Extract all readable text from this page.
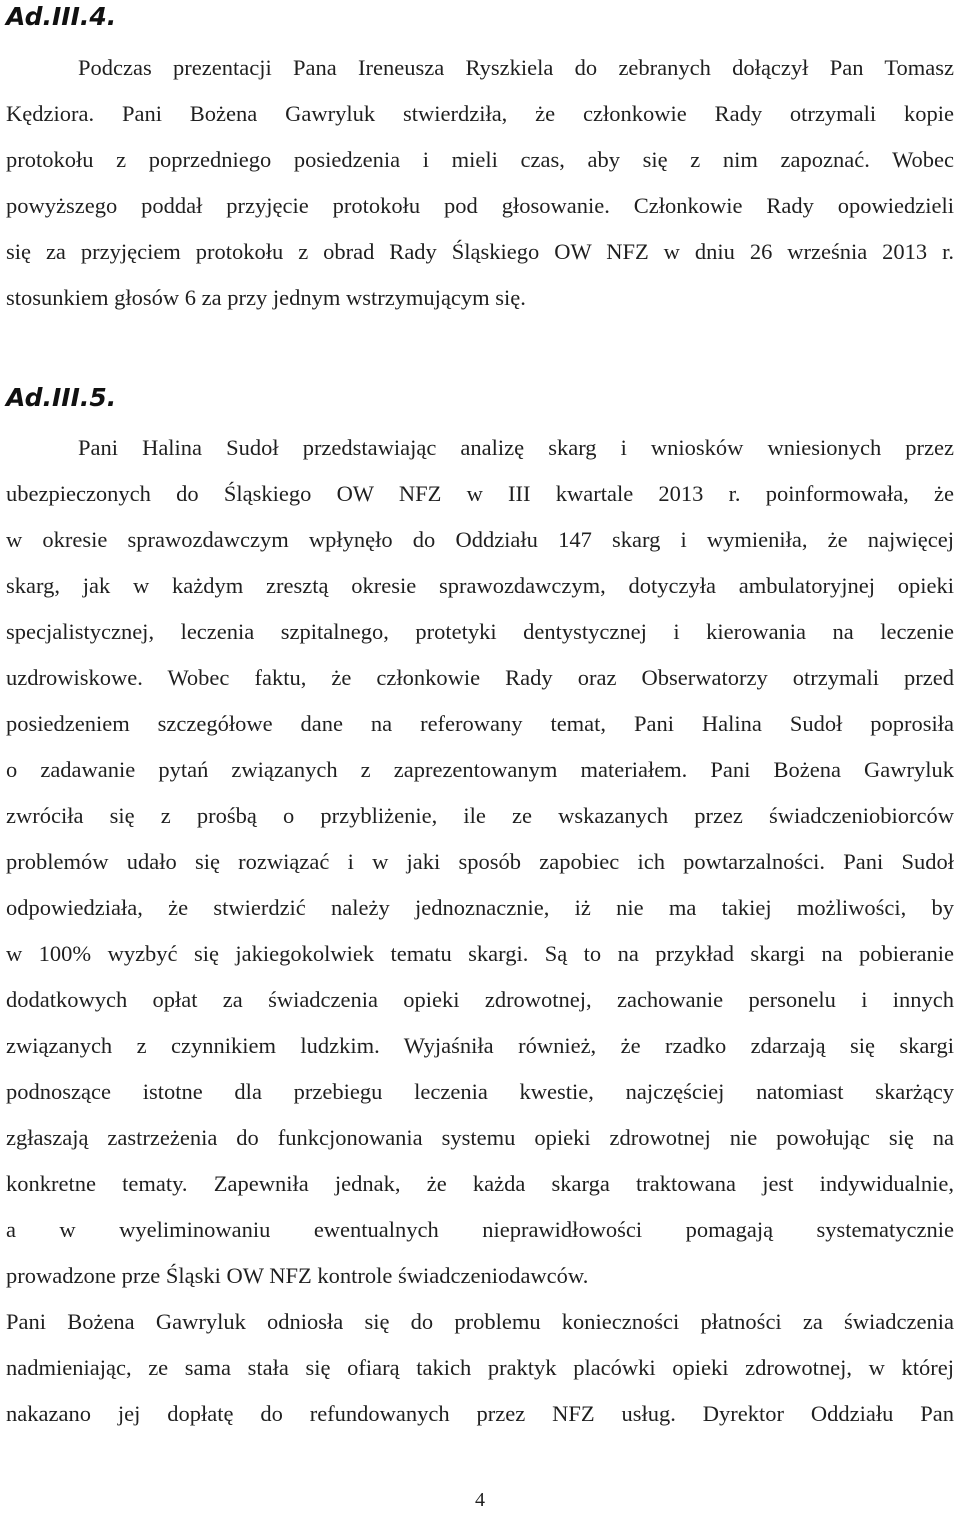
Ad.III.4.

Podczas prezentacji Pana Ireneusza Ryszkiela do zebranych dołączył Pan Tomasz

Kędziora. Pani Bożena Gawryluk stwierdziła, że członkowie Rady otrzymali kopie

protokołu z poprzedniego posiedzenia i mieli czas, aby się z nim zapoznać. Wobec

powyższego poddał przyjęcie protokołu pod głosowanie. Członkowie Rady opowiedzieli

się za przyjęciem protokołu z obrad Rady Śląskiego OW NFZ w dniu 26 września 2013 r.

stosunkiem głosów 6 za przy jednym wstrzymującym się.

Ad.III.5.

Pani Halina Sudoł przedstawiając analizę skarg i wniosków wniesionych przez

ubezpieczonych do Śląskiego OW NFZ w III kwartale 2013 r. poinformowała, że

w okresie sprawozdawczym wpłynęło do Oddziału 147 skarg i wymieniła, że najwięcej

skarg, jak w każdym zresztą okresie sprawozdawczym, dotyczyła ambulatoryjnej opieki

specjalistycznej, leczenia szpitalnego, protetyki dentystycznej i kierowania na leczenie

uzdrowiskowe. Wobec faktu, że członkowie Rady oraz Obserwatorzy otrzymali przed

posiedzeniem szczegółowe dane na referowany temat, Pani Halina Sudoł poprosiła

o zadawanie pytań związanych z zaprezentowanym materiałem. Pani Bożena Gawryluk

zwróciła się z prośbą o przybliżenie, ile ze wskazanych przez świadczeniobiorców

problemów udało się rozwiązać i w jaki sposób zapobiec ich powtarzalności. Pani Sudoł

odpowiedziała, że stwierdzić należy jednoznacznie, iż nie ma takiej możliwości, by

w 100% wyzbyć się jakiegokolwiek tematu skargi. Są to na przykład skargi na pobieranie

dodatkowych opłat za świadczenia opieki zdrowotnej, zachowanie personelu i innych

związanych z czynnikiem ludzkim. Wyjaśniła również, że rzadko zdarzają się skargi

podnoszące istotne dla przebiegu leczenia kwestie, najczęściej natomiast skarżący

zgłaszają zastrzeżenia do funkcjonowania systemu opieki zdrowotnej nie powołując się na

konkretne tematy. Zapewniła jednak, że każda skarga traktowana jest indywidualnie,

a w wyeliminowaniu ewentualnych nieprawidłowości pomagają systematycznie

prowadzone prze Śląski OW NFZ kontrole świadczeniodawców.

Pani Bożena Gawryluk odniosła się do problemu konieczności płatności za świadczenia

nadmieniając, ze sama stała się ofiarą takich praktyk placówki opieki zdrowotnej, w której

nakazano jej dopłatę do refundowanych przez NFZ usług. Dyrektor Oddziału Pan

4
